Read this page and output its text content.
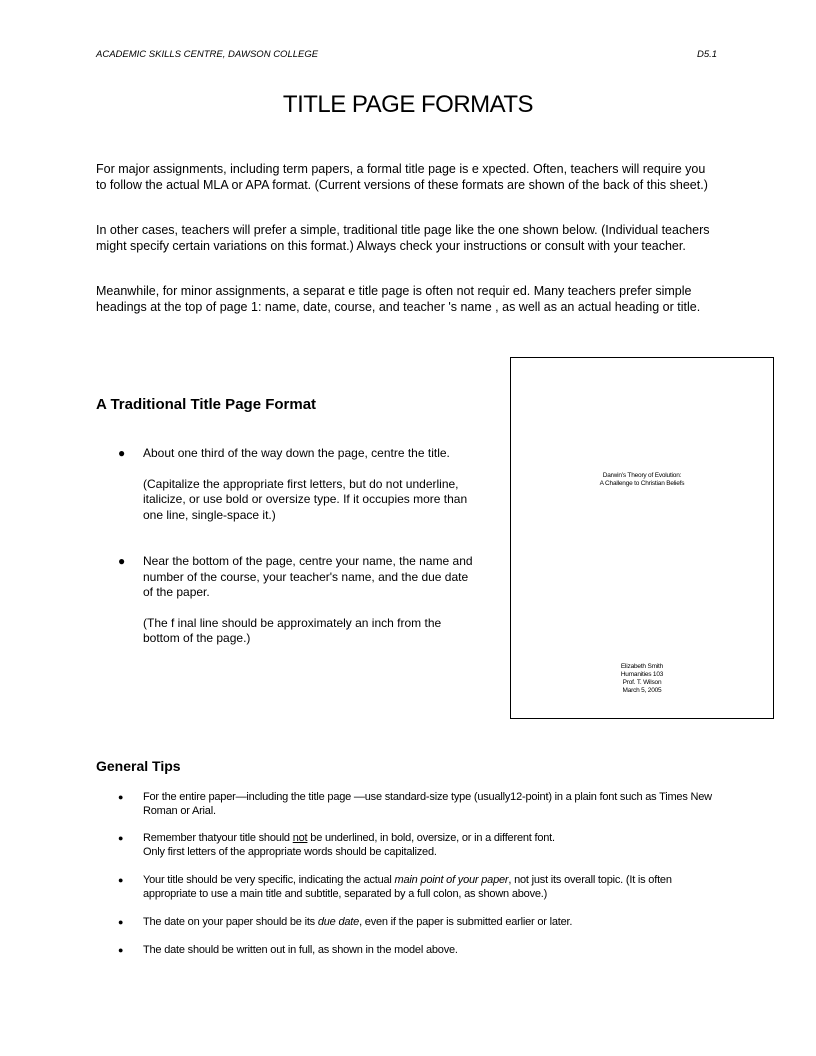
ACADEMIC SKILLS CENTRE, DAWSON COLLEGE	D5.1
TITLE PAGE FORMATS
For major assignments, including term papers, a formal title page is e xpected. Often, teachers will require you to follow the actual MLA or APA format. (Current versions of these formats are shown of the back of this sheet.)
In other cases, teachers will prefer a simple, traditional title page like the one shown below. (Individual teachers might specify certain variations on this format.) Always check your instructions or consult with your teacher.
Meanwhile, for minor assignments, a separat e title page is often not requir ed. Many teachers prefer simple headings at the top of page 1: name, date, course, and teacher 's name , as well as an actual heading or title.
A Traditional Title Page Format
● About one third of the way down the page, centre the title.

(Capitalize the appropriate first letters, but do not underline, italicize, or use bold or oversize type. If it occupies more than one line, single-space it.)

● Near the bottom of the page, centre your name, the name and number of the course, your teacher's name, and the due date of the paper.

(The f inal line should be approximately an inch from the bottom of the page.)

Darwin’s Theory of Evolution:
A Challenge to Christian Beliefs
Elizabeth Smith
Humanities 103
Prof. T. Wilson
March 5, 2005
General Tips
● For the entire paper—including the title page —use standard-size type (usually12-point) in a plain font such as Times New Roman or Arial.
● Remember thatyour title should not be underlined, in bold, oversize, or in a different font.
Only first letters of the appropriate words should be capitalized.
● Your title should be very specific, indicating the actual main point of your paper, not just its overall topic. (It is often appropriate to use a main title and subtitle, separated by a full colon, as shown above.)
● The date on your paper should be its due date, even if the paper is submitted earlier or later.
● The date should be written out in full, as shown in the model above.
